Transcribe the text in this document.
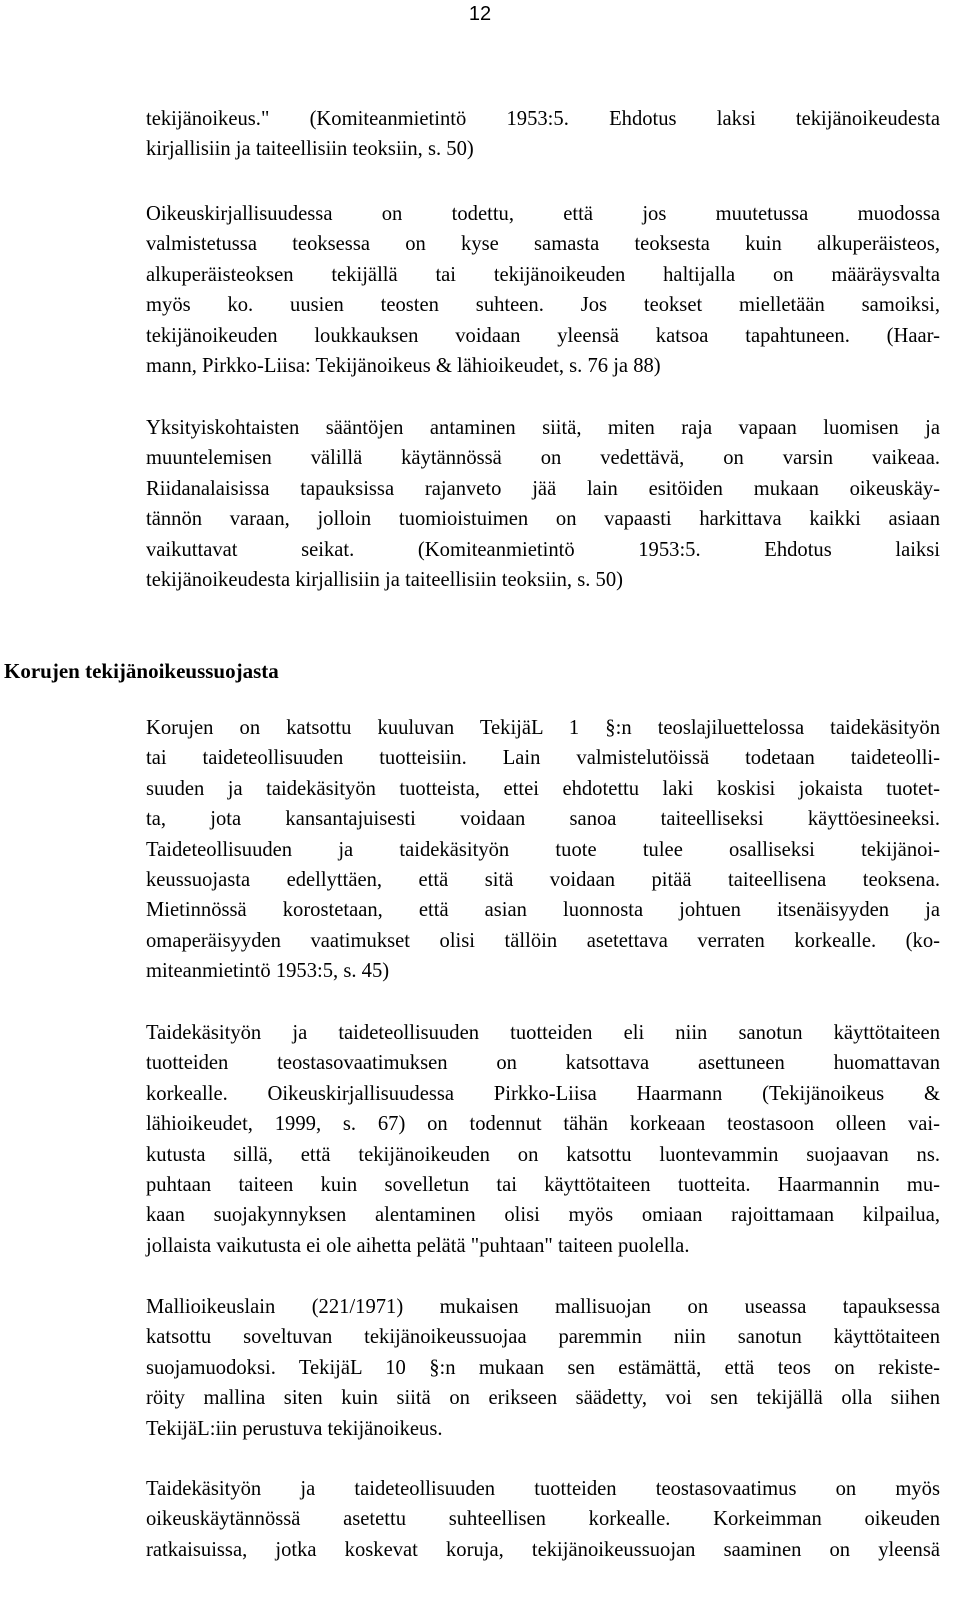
12

tekijänoikeus." (Komiteanmietintö 1953:5. Ehdotus laksi tekijänoikeudesta
kirjallisiin ja taiteellisiin teoksiin, s. 50)

Oikeuskirjallisuudessa on todettu, että jos muutetussa muodossa
valmistetussa teoksessa on kyse samasta teoksesta kuin alkuperäisteos,
alkuperäisteoksen tekijällä tai tekijänoikeuden haltijalla on määräysvalta
myös ko. uusien teosten suhteen. Jos teokset mielletään samoiksi,
tekijänoikeuden loukkauksen voidaan yleensä katsoa tapahtuneen. (Haar-
mann, Pirkko-Liisa: Tekijänoikeus & lähioikeudet, s. 76 ja 88)

Yksityiskohtaisten sääntöjen antaminen siitä, miten raja vapaan luomisen ja
muuntelemisen välillä käytännössä on vedettävä, on varsin vaikeaa.
Riidanalaisissa tapauksissa rajanveto jää lain esitöiden mukaan oikeuskäy-
tännön varaan, jolloin tuomioistuimen on vapaasti harkittava kaikki asiaan
vaikuttavat seikat. (Komiteanmietintö 1953:5. Ehdotus laiksi
tekijänoikeudesta kirjallisiin ja taiteellisiin teoksiin, s. 50)

Korujen tekijänoikeussuojasta

Korujen on katsottu kuuluvan TekijäL 1 §:n teoslajiluettelossa taidekäsityön
tai taideteollisuuden tuotteisiin. Lain valmistelutöissä todetaan taideteolli-
suuden ja taidekäsityön tuotteista, ettei ehdotettu laki koskisi jokaista tuotet-
ta, jota kansantajuisesti voidaan sanoa taiteelliseksi käyttöesineeksi.
Taideteollisuuden ja taidekäsityön tuote tulee osalliseksi tekijänoi-
keussuojasta edellyttäen, että sitä voidaan pitää taiteellisena teoksena.
Mietinnössä korostetaan, että asian luonnosta johtuen itsenäisyyden ja
omaperäisyyden vaatimukset olisi tällöin asetettava verraten korkealle. (ko-
miteanmietintö 1953:5, s. 45)

Taidekäsityön ja taideteollisuuden tuotteiden eli niin sanotun käyttötaiteen
tuotteiden teostasovaatimuksen on katsottava asettuneen huomattavan
korkealle. Oikeuskirjallisuudessa Pirkko-Liisa Haarmann (Tekijänoikeus &
lähioikeudet, 1999, s. 67) on todennut tähän korkeaan teostasoon olleen vai-
kutusta sillä, että tekijänoikeuden on katsottu luontevammin suojaavan ns.
puhtaan taiteen kuin sovelletun tai käyttötaiteen tuotteita. Haarmannin mu-
kaan suojakynnyksen alentaminen olisi myös omiaan rajoittamaan kilpailua,
jollaista vaikutusta ei ole aihetta pelätä "puhtaan" taiteen puolella.

Mallioikeuslain (221/1971) mukaisen mallisuojan on useassa tapauksessa
katsottu soveltuvan tekijänoikeussuojaa paremmin niin sanotun käyttötaiteen
suojamuodoksi. TekijäL 10 §:n mukaan sen estämättä, että teos on rekiste-
röity mallina siten kuin siitä on erikseen säädetty, voi sen tekijällä olla siihen
TekijäL:iin perustuva tekijänoikeus.

Taidekäsityön ja taideteollisuuden tuotteiden teostasovaatimus on myös
oikeuskäytännössä asetettu suhteellisen korkealle. Korkeimman oikeuden
ratkaisuissa, jotka koskevat koruja, tekijänoikeussuojan saaminen on yleensä
